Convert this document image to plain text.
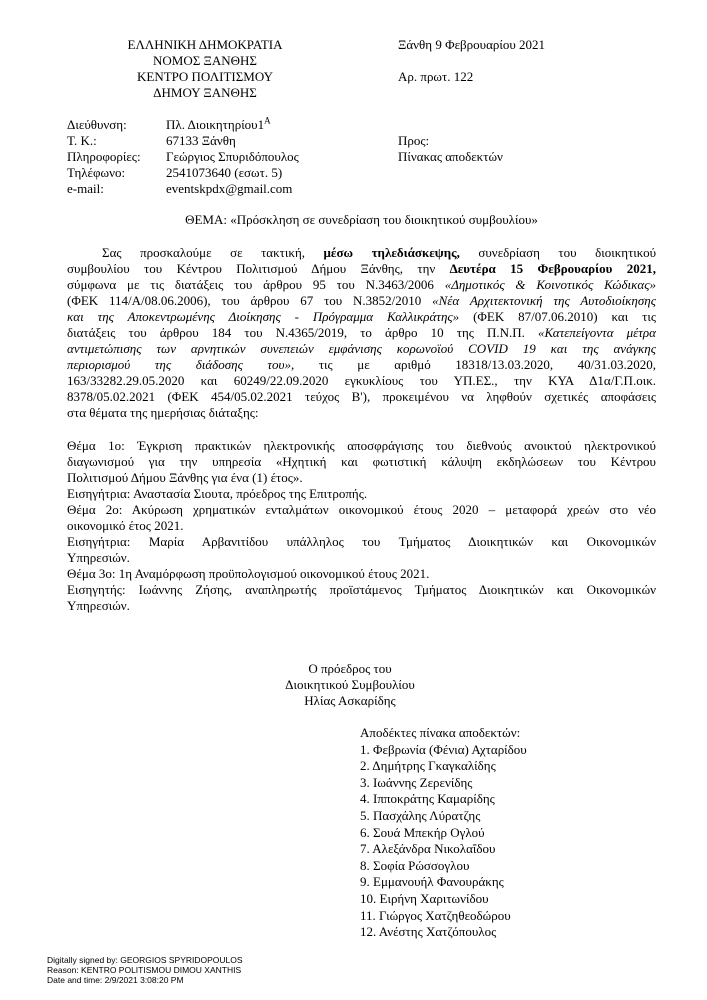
ΕΛΛΗΝΙΚΗ ΔΗΜΟΚΡΑΤΙΑ
ΝΟΜΟΣ ΞΑΝΘΗΣ
ΚΕΝΤΡΟ ΠΟΛΙΤΙΣΜΟΥ
ΔΗΜΟΥ ΞΑΝΘΗΣ
Ξάνθη 9 Φεβρουαρίου 2021
Αρ. πρωτ. 122
Διεύθυνση:
Τ. Κ.:
Πληροφορίες:
Τηλέφωνο:
e-mail:
Πλ. $\Delta\iota o\iota\kappa\eta\tau\eta\rho ίo\upsilon 1^A$
67133 Ξάνθη
Γεώργιος Σπυριδόπουλος
2541073640 (εσωτ. 5)
eventskpdx@gmail.com
Προς:
Πίνακας αποδεκτών
ΘΕΜΑ: «Πρόσκληση σε συνεδρίαση του διοικητικού συμβουλίου»
Σας προσκαλούμε σε τακτική, μέσω τηλεδιάσκεψης, συνεδρίαση του διοικητικού
συμβουλίου του Κέντρου Πολιτισμού Δήμου Ξάνθης, την Δευτέρα 15 Φεβρουαρίου 2021,
σύμφωνα με τις διατάξεις του άρθρου 95 του Ν.3463/2006 «Δημοτικός & Κοινοτικός Κώδικας»
(ΦΕΚ 114/Α/08.06.2006), του άρθρου 67 του Ν.3852/2010 «Νέα Αρχιτεκτονική της Αυτοδιοίκησης
και της Αποκεντρωμένης Διοίκησης - Πρόγραμμα Καλλικράτης» (ΦΕΚ 87/07.06.2010) και τις
διατάξεις του άρθρου 184 του Ν.4365/2019, το άρθρο 10 της Π.Ν.Π. «Κατεπείγοντα μέτρα
αντιμετώπισης των αρνητικών συνεπειών εμφάνισης κορωνοϊού COVID 19 και της ανάγκης
περιορισμού της διάδοσης του», τις με αριθμό 18318/13.03.2020, 40/31.03.2020,
163/33282.29.05.2020 και 60249/22.09.2020 εγκυκλίους του ΥΠ.ΕΣ., την ΚΥΑ Δ1α/Γ.Π.οικ.
8378/05.02.2021 (ΦΕΚ 454/05.02.2021 τεύχος Β'), προκειμένου να ληφθούν σχετικές αποφάσεις
στα θέματα της ημερήσιας διάταξης:
Θέμα 1ο: Έγκριση πρακτικών ηλεκτρονικής αποσφράγισης του διεθνούς ανοικτού ηλεκτρονικού
διαγωνισμού για την υπηρεσία «Ηχητική και φωτιστική κάλυψη εκδηλώσεων του Κέντρου
Πολιτισμού Δήμου Ξάνθης για ένα (1) έτος».
Εισηγήτρια: Αναστασία Σιουτα, πρόεδρος της Επιτροπής.
Θέμα 2ο: Ακύρωση χρηματικών ενταλμάτων οικονομικού έτους 2020 – μεταφορά χρεών στο νέο
οικονομικό έτος 2021.
Εισηγήτρια: Μαρία Αρβανιτίδου υπάλληλος του Τμήματος Διοικητικών και Οικονομικών
Υπηρεσιών.
Θέμα 3ο: 1η Αναμόρφωση προϋπολογισμού οικονομικού έτους 2021.
Εισηγητής: Ιωάννης Ζήσης, αναπληρωτής προϊστάμενος Τμήματος Διοικητικών και Οικονομικών
Υπηρεσιών.
Ο πρόεδρος του
Διοικητικού Συμβουλίου
Ηλίας Ασκαρίδης
Αποδέκτες πίνακα αποδεκτών:
1. Φεβρωνία (Φένια) Αχταρίδου
2. Δημήτρης Γκαγκαλίδης
3. Ιωάννης Ζερενίδης
4. Ιπποκράτης Καμαρίδης
5. Πασχάλης Λύρατζης
6. Σουά Μπεκήρ Ογλού
7. Αλεξάνδρα Νικολαΐδου
8. Σοφία Ρώσσογλου
9. Εμμανουήλ Φανουράκης
10. Ειρήνη Χαριτωνίδου
11. Γιώργος Χατζηθεοδώρου
12. Ανέστης Χατζόπουλος
Digitally signed by: GEORGIOS SPYRIDOPOULOS
Reason: KENTRO POLITISMOU DIMOU XANTHIS
Date and time: 2/9/2021 3:08:20 PM
